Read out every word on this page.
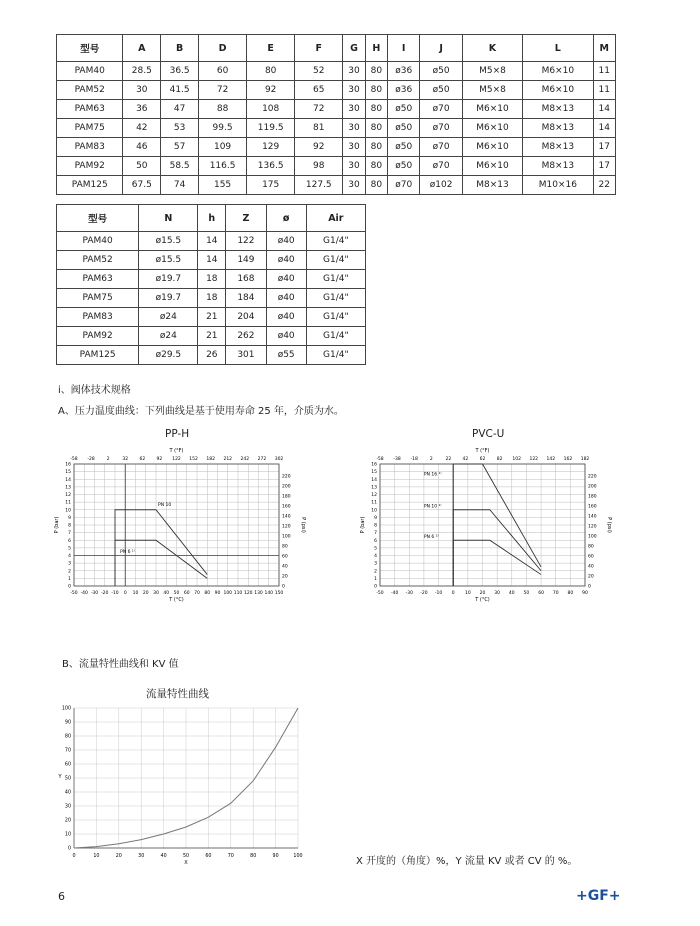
型号	A	B	D	E	F	G	H	I	J	K	L	M
PAM40	28.5	36.5	60	80	52	30	80	ø36	ø50	M5×8	M6×10	11
PAM52	30	41.5	72	92	65	30	80	ø36	ø50	M5×8	M6×10	11
PAM63	36	47	88	108	72	30	80	ø50	ø70	M6×10	M8×13	14
PAM75	42	53	99.5	119.5	81	30	80	ø50	ø70	M6×10	M8×13	14
PAM83	46	57	109	129	92	30	80	ø50	ø70	M6×10	M8×13	17
PAM92	50	58.5	116.5	136.5	98	30	80	ø50	ø70	M6×10	M8×13	17
PAM125	67.5	74	155	175	127.5	30	80	ø70	ø102	M8×13	M10×16	22
型号	N	h	Z	ø	Air
PAM40	ø15.5	14	122	ø40	G1/4"
PAM52	ø15.5	14	149	ø40	G1/4"
PAM63	ø19.7	18	168	ø40	G1/4"
PAM75	ø19.7	18	184	ø40	G1/4"
PAM83	ø24	21	204	ø40	G1/4"
PAM92	ø24	21	262	ø40	G1/4"
PAM125	ø29.5	26	301	ø55	G1/4"
i、阀体技术规格
A、压力温度曲线：下列曲线是基于使用寿命 25 年，介质为水。
PP-H
-50 -40 -30 -20 -10 0 10 20 30 40 50 60 70 80 90 100 110 120 130 140 150
0
1
2
3
4
5
6
7
8
9
10
11
12
13
14
15
16
-58 -28	2	32	62	92 122 152 182 212 242 272 302
0
20
40
60
80
100
120
140
160
180
200
220
T (°C)
T (°F)
P (bar)	P (psi)
PN 10
PN 6 ¹⁾
PVC-U
-50 -40 -30 -20 -10 0 10 20 30 40 50 60 70 80 90
0
1
2
3
4
5
6
7
8
9
10
11
12
13
14
15
16
-58 -38 -18	2	22	42	62	82 102 122 142 162 182
0
20
40
60
80
100
120
140
160
180
200
220
T (°C)
T (°F)
P (bar)	P (psi)
PN 16 ¹⁾
PN 10 ²⁾
PN 6 ²⁾
B、流量特性曲线和 KV 值
流量特性曲线
0	10	20	30	40	50	60	70	80	90	100
0
10
20
30
40
50
60
70
80
90
100
X
Y
X 开度的（角度）%，Y 流量 KV 或者 CV 的 %。
6	+GF+
